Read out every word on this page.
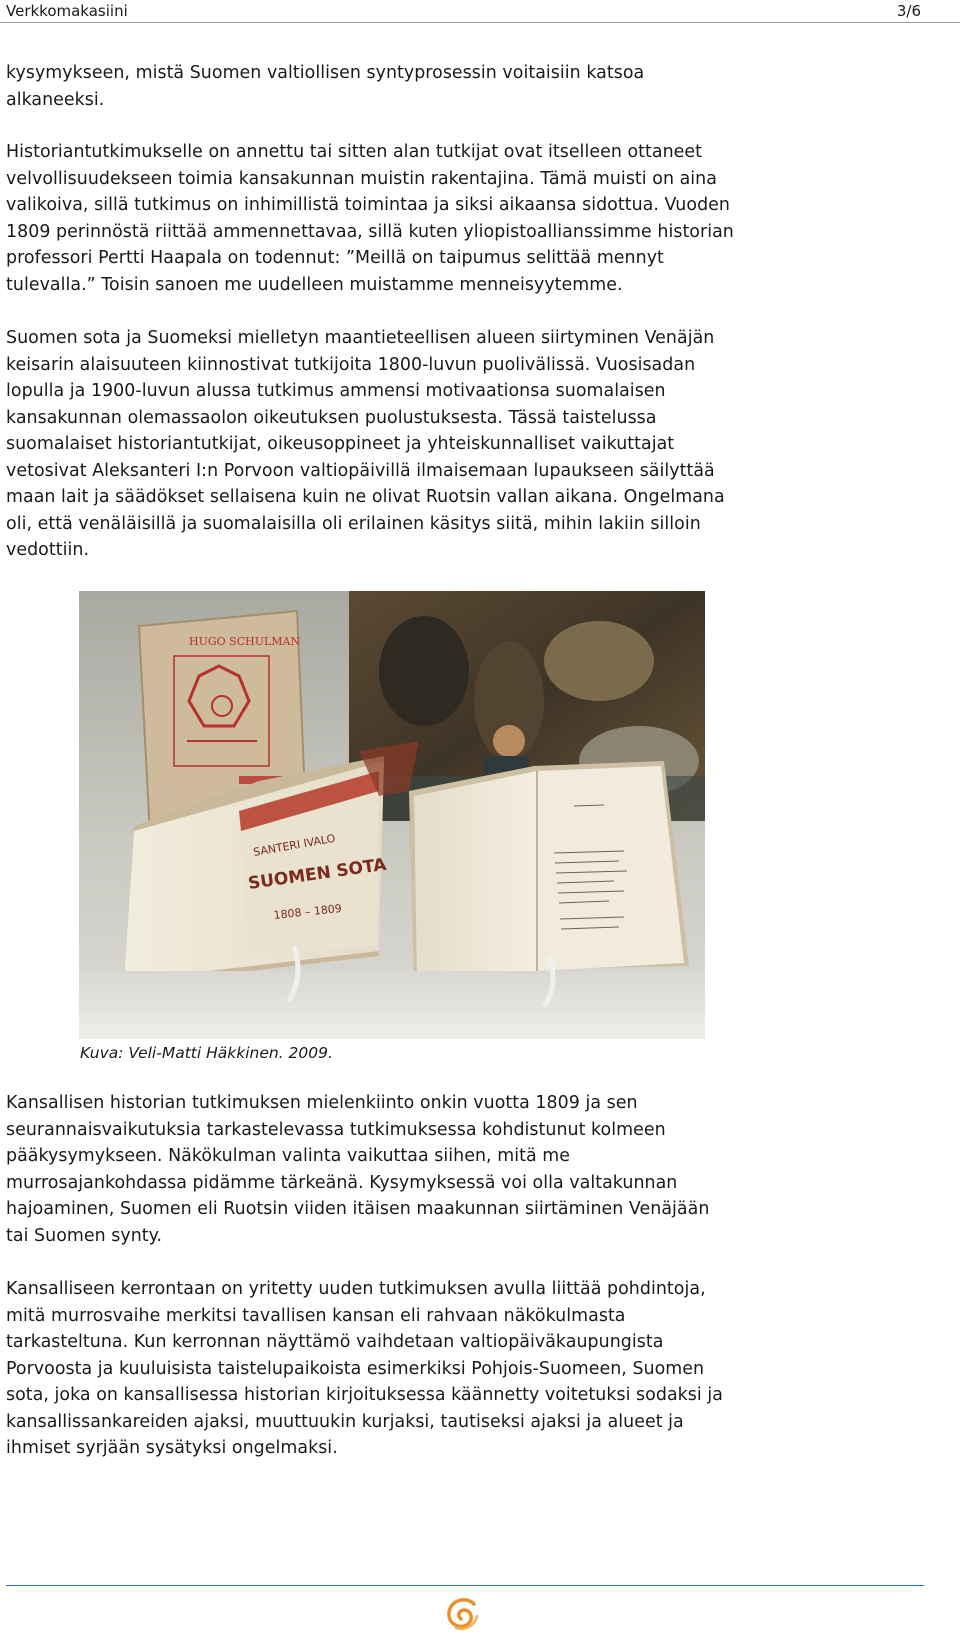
Verkkomakasiini	3/6

kysymykseen, mistä Suomen valtiollisen syntyprosessin voitaisiin katsoa
alkaneeksi.

Historiantutkimukselle on annettu tai sitten alan tutkijat ovat itselleen ottaneet
velvollisuudekseen toimia kansakunnan muistin rakentajina. Tämä muisti on aina
valikoiva, sillä tutkimus on inhimillistä toimintaa ja siksi aikaansa sidottua. Vuoden
1809 perinnöstä riittää ammennettavaa, sillä kuten yliopistoallianssimme historian
professori Pertti Haapala on todennut: ”Meillä on taipumus selittää mennyt
tulevalla.” Toisin sanoen me uudelleen muistamme menneisyytemme.

Suomen sota ja Suomeksi mielletyn maantieteellisen alueen siirtyminen Venäjän
keisarin alaisuuteen kiinnostivat tutkijoita 1800-luvun puolivälissä. Vuosisadan
lopulla ja 1900-luvun alussa tutkimus ammensi motivaationsa suomalaisen
kansakunnan olemassaolon oikeutuksen puolustuksesta. Tässä taistelussa
suomalaiset historiantutkijat, oikeusoppineet ja yhteiskunnalliset vaikuttajat
vetosivat Aleksanteri I:n Porvoon valtiopäivillä ilmaisemaan lupaukseen säilyttää
maan lait ja säädökset sellaisena kuin ne olivat Ruotsin vallan aikana. Ongelmana
oli, että venäläisillä ja suomalaisilla oli erilainen käsitys siitä, mihin lakiin silloin
vedottiin.

HUGO SCHULMAN
SANTERI IVALO
SUOMEN SOTA
1808 – 1809
Kuva: Veli-Matti Häkkinen. 2009.

Kansallisen historian tutkimuksen mielenkiinto onkin vuotta 1809 ja sen
seurannaisvaikutuksia tarkastelevassa tutkimuksessa kohdistunut kolmeen
pääkysymykseen. Näkökulman valinta vaikuttaa siihen, mitä me
murrosajankohdassa pidämme tärkeänä. Kysymyksessä voi olla valtakunnan
hajoaminen, Suomen eli Ruotsin viiden itäisen maakunnan siirtäminen Venäjään
tai Suomen synty.

Kansalliseen kerrontaan on yritetty uuden tutkimuksen avulla liittää pohdintoja,
mitä murrosvaihe merkitsi tavallisen kansan eli rahvaan näkökulmasta
tarkasteltuna. Kun kerronnan näyttämö vaihdetaan valtiopäiväkaupungista
Porvoosta ja kuuluisista taistelupaikoista esimerkiksi Pohjois-Suomeen, Suomen
sota, joka on kansallisessa historian kirjoituksessa käännetty voitetuksi sodaksi ja
kansallissankareiden ajaksi, muuttuukin kurjaksi, tautiseksi ajaksi ja alueet ja
ihmiset syrjään sysätyksi ongelmaksi.
